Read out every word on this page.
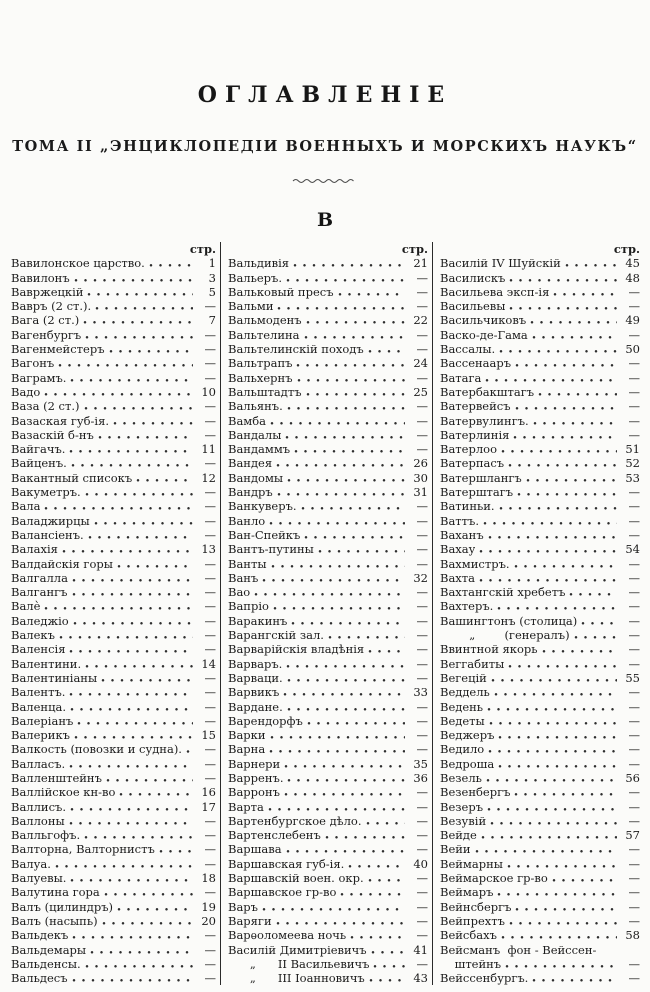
ОГЛАВЛЕНІЕ
ТОМА II „ЭНЦИКЛОПЕДІИ ВОЕННЫХЪ И МОРСКИХЪ НАУКЪ“
В
стр.
Вавилонское царство.	1
Вавилонъ	3
Вавржецкій	5
Вавръ (2 ст.).	—
Вага (2 ст.)	7
Вагенбургъ	—
Вагенмейстеръ	—
Вагонъ	—
Ваграмъ.	—
Вадо	10
Ваза (2 ст.)	—
Вазаская губ-ія.	—
Вазаскій б-нъ	—
Вайгачъ.	11
Вайценъ.	—
Вакантный списокъ	12
Вакуметръ.	—
Вала	—
Валаджирцы	—
Валансіенъ.	—
Валахія	13
Валдайскія горы	—
Валгалла	—
Валгангъ	—
Валѐ	—
Валеджіо	—
Валекъ	—
Валенсія	—
Валентини.	14
Валентиніаны	—
Валентъ.	—
Валенца.	—
Валеріанъ	—
Валерикъ	15
Валкость (повозки и судна).	—
Валласъ.	—
Валленштейнъ	—
Валлійское кн-во	16
Валлисъ.	17
Валлоны	—
Валльгофъ.	—
Валторна, Валторнистъ	—
Валуа.	—
Валуевы.	18
Валутина гора	—
Валъ (цилиндръ)	19
Валъ (насыпь)	20
Вальдекъ	—
Вальдемары	—
Вальденсы.	—
Вальдесъ	—
стр.
Вальдивія	21
Вальеръ.	—
Вальковый пресъ	—
Вальми	—
Вальмоденъ	22
Вальтелина	—
Вальтелинскій походъ	—
Вальтрапъ	24
Вальхернъ	—
Вальштадтъ	25
Вальянъ.	—
Вамба	—
Вандалы	—
Вандаммъ	—
Вандея	26
Вандомы	30
Вандръ	31
Ванкуверъ.	—
Ванло	—
Ван-Спейкъ	—
Вантъ-путины	—
Ванты	—
Ванъ	32
Вао	—
Вапріо	—
Варакинъ	—
Варангскій зал.	—
Варварійскія владѣнія	—
Варваръ.	—
Варваци.	—
Варвикъ	33
Вардане.	—
Варендорфъ	—
Варки	—
Варна	—
Варнери	35
Варренъ.	36
Варронъ	—
Варта	—
Вартенбургское дѣло.	—
Вартенслебенъ	—
Варшава	—
Варшавская губ-ія.	40
Варшавскій воен. окр.	—
Варшавское гр-во	—
Варъ	—
Варяги	—
Варѳоломеева ночь	—
Василій Димитріевичъ	41
„      II Васильевичъ	—
„      III Іоанновичъ	43
стр.
Василій IV Шуйскій	45
Василискъ	48
Васильева эксп-ія	—
Васильевы	—
Васильчиковъ	49
Васко-де-Гама	—
Вассалы.	50
Вассенааръ	—
Ватага	—
Ватербакштагъ	—
Ватервейсъ	—
Ватервулингъ.	—
Ватерлинія	—
Ватерлоо	51
Ватерпасъ	52
Ватершлангъ	53
Ватерштагъ	—
Ватиньи.	—
Ваттъ.	—
Ваханъ	—
Вахау	54
Вахмистръ.	—
Вахта	—
Вахтангскій хребетъ	—
Вахтеръ.	—
Вашингтонъ (столица)	—
„        (генералъ)	—
Ввинтной якорь	—
Веггабиты	—
Вегецій	55
Веддель	—
Ведень	—
Ведеты	—
Веджеръ	—
Ведило	—
Ведроша	—
Везель	56
Везенбергъ	—
Везеръ	—
Везувій	—
Вейде	57
Вейи	—
Веймарны	—
Веймарское гр-во	—
Веймаръ	—
Вейнсбергъ	—
Вейпрехтъ	—
Вейсбахъ	58
Вейсманъ  фон - Вейссен-
штейнъ	—
Вейссенбургъ.	—
